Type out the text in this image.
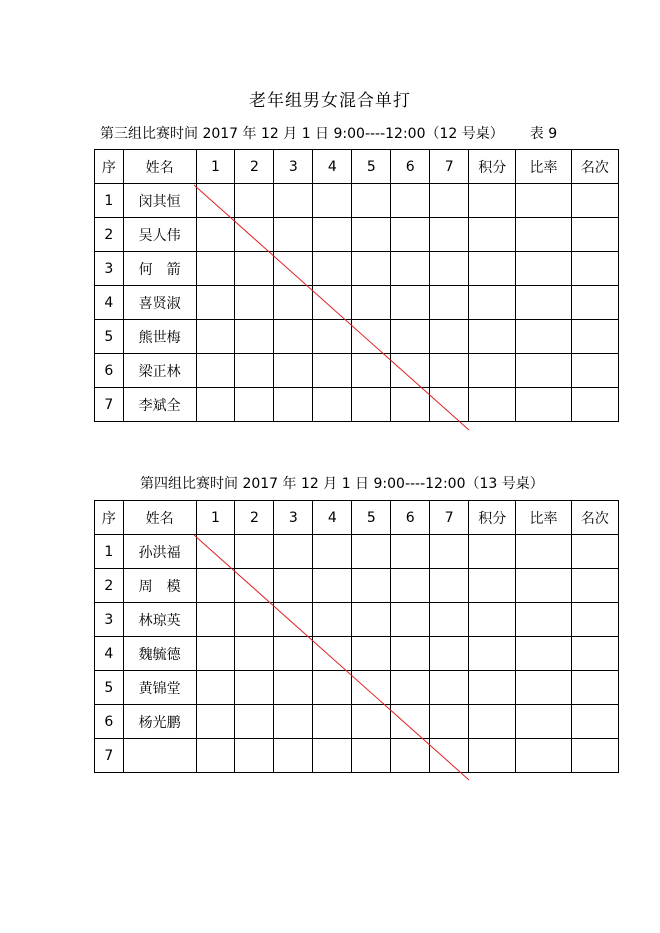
老年组男女混合单打
第三组比赛时间 2017 年 12 月 1 日 9:00----12:00（12 号桌） 表 9
序	姓名	1	2	3	4	5	6	7	积分	比率	名次
1	闵其恒										
2	吴人伟										
3	何　箭										
4	喜贤淑										
5	熊世梅										
6	梁正林										
7	李斌全										
第四组比赛时间 2017 年 12 月 1 日 9:00----12:00（13 号桌）
序	姓名	1	2	3	4	5	6	7	积分	比率	名次
1	孙洪福										
2	周　模										
3	林琼英										
4	魏毓德										
5	黄锦堂										
6	杨光鹏										
7											
